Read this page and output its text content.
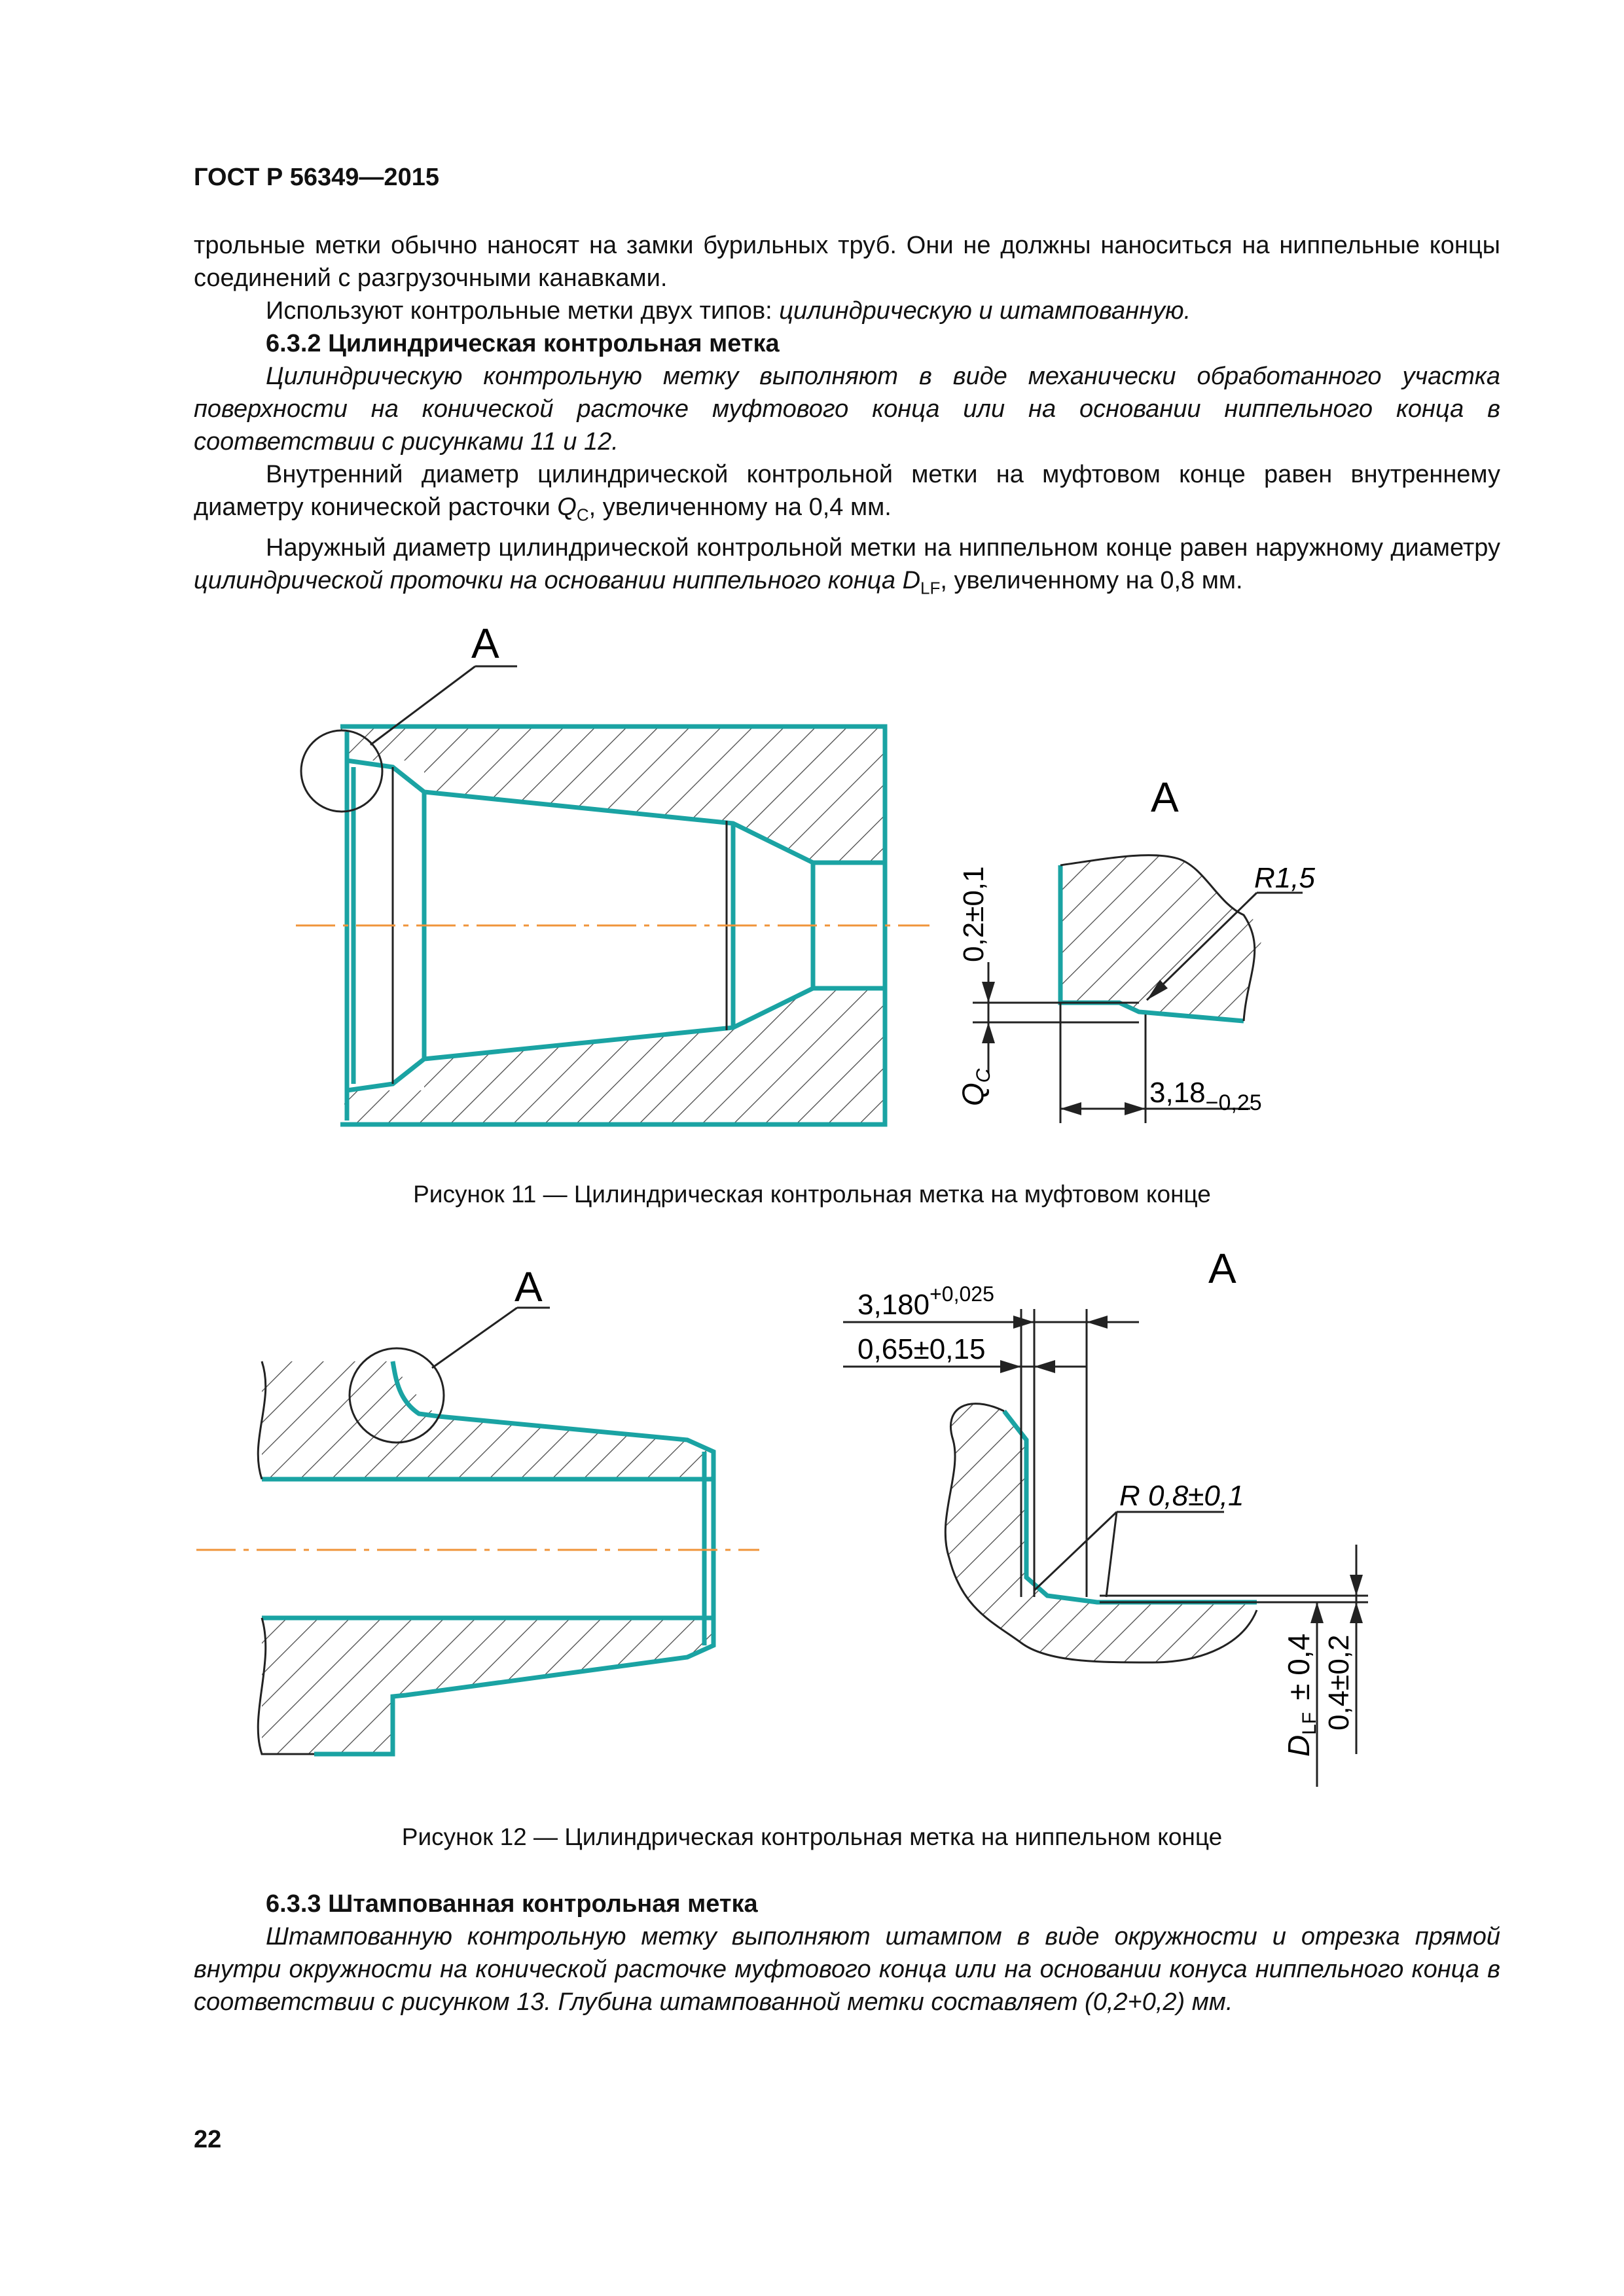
ГОСТ Р 56349—2015

трольные метки обычно наносят на замки бурильных труб. Они не должны наноситься на ниппельные концы соединений с разгрузочными канавками.

Используют контрольные метки двух типов: цилиндрическую и штампованную.

6.3.2 Цилиндрическая контрольная метка

Цилиндрическую контрольную метку выполняют в виде механически обработанного участка поверхности на конической расточке муфтового конца или на основании ниппельного конца в соответствии с рисунками 11 и 12.

Внутренний диаметр цилиндрической контрольной метки на муфтовом конце равен внутреннему диаметру конической расточки $Q_C$, увеличенному на 0,4 мм.

Наружный диаметр цилиндрической контрольной метки на ниппельном конце равен наружному диаметру цилиндрической проточки на основании ниппельного конца $D_{LF}$, увеличенному на 0,8 мм.

A
A
R1,5
0,2±0,1
$Q_C$
$3,18_{-0,25}$
Рисунок 11 — Цилиндрическая контрольная метка на муфтовом конце
A	A
$3,180^{+0,025}$
0,65±0,15
R 0,8±0,1
$D_{LF}\pm 0,4$ 0,4±0,2
Рисунок 12 — Цилиндрическая контрольная метка на ниппельном конце

6.3.3 Штампованная контрольная метка

Штампованную контрольную метку выполняют штампом в виде окружности и отрезка прямой внутри окружности на конической расточке муфтового конца или на основании конуса ниппельного конца в соответствии с рисунком 13. Глубина штампованной метки составляет (0,2+0,2) мм.

22
